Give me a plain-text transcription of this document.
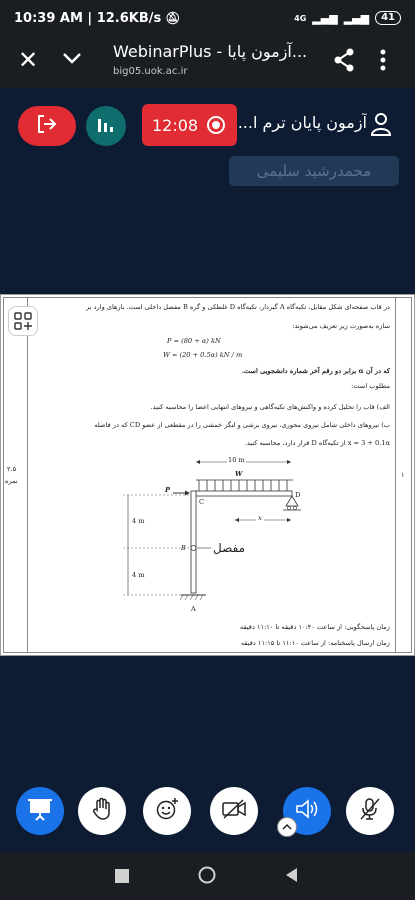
10:39 AM | 12.6KB/s 🔕︎	4G ▂▄▆ ▂▄▆	41
✕	WebinarPlus - آزمون پایا...
big05.uok.ac.ir
12:08 آزمون پایان ترم ا...
محمدرشید سلیمی
در قاب صفحه‌ای شکل مقابل، تکیه‌گاه A گیردار، تکیه‌گاه D غلطکی و گره B مفصل داخلی است. بارهای وارد بر
سازه به‌صورت زیر تعریف می‌شوند:
P = (80 + α) kN
W = (20 + 0.5α) kN / m
که در آن α برابر دو رقم آخر شماره دانشجویی است.
مطلوب است:
الف) قاب را تحلیل کرده و واکنش‌های تکیه‌گاهی و نیروهای انتهایی اعضا را محاسبه کنید.
ب) نیروهای داخلی شامل نیروی محوری، نیروی برشی و لنگر خمشی را در مقطعی از عضو CD که در فاصله
x = 3 + 0.1α از تکیه‌گاه D قرار دارد، محاسبه کنید.
۲.۵
نمره
۱
10 m
W
P
C
D
x
4 m
B مفصل
4 m
A
زمان پاسخگویی: از ساعت ۱۰:۴۰ دقیقه تا ۱۱:۱۰ دقیقه
زمان ارسال پاسخنامه: از ساعت ۱۱:۱۰ تا ۱۱:۱۵ دقیقه
